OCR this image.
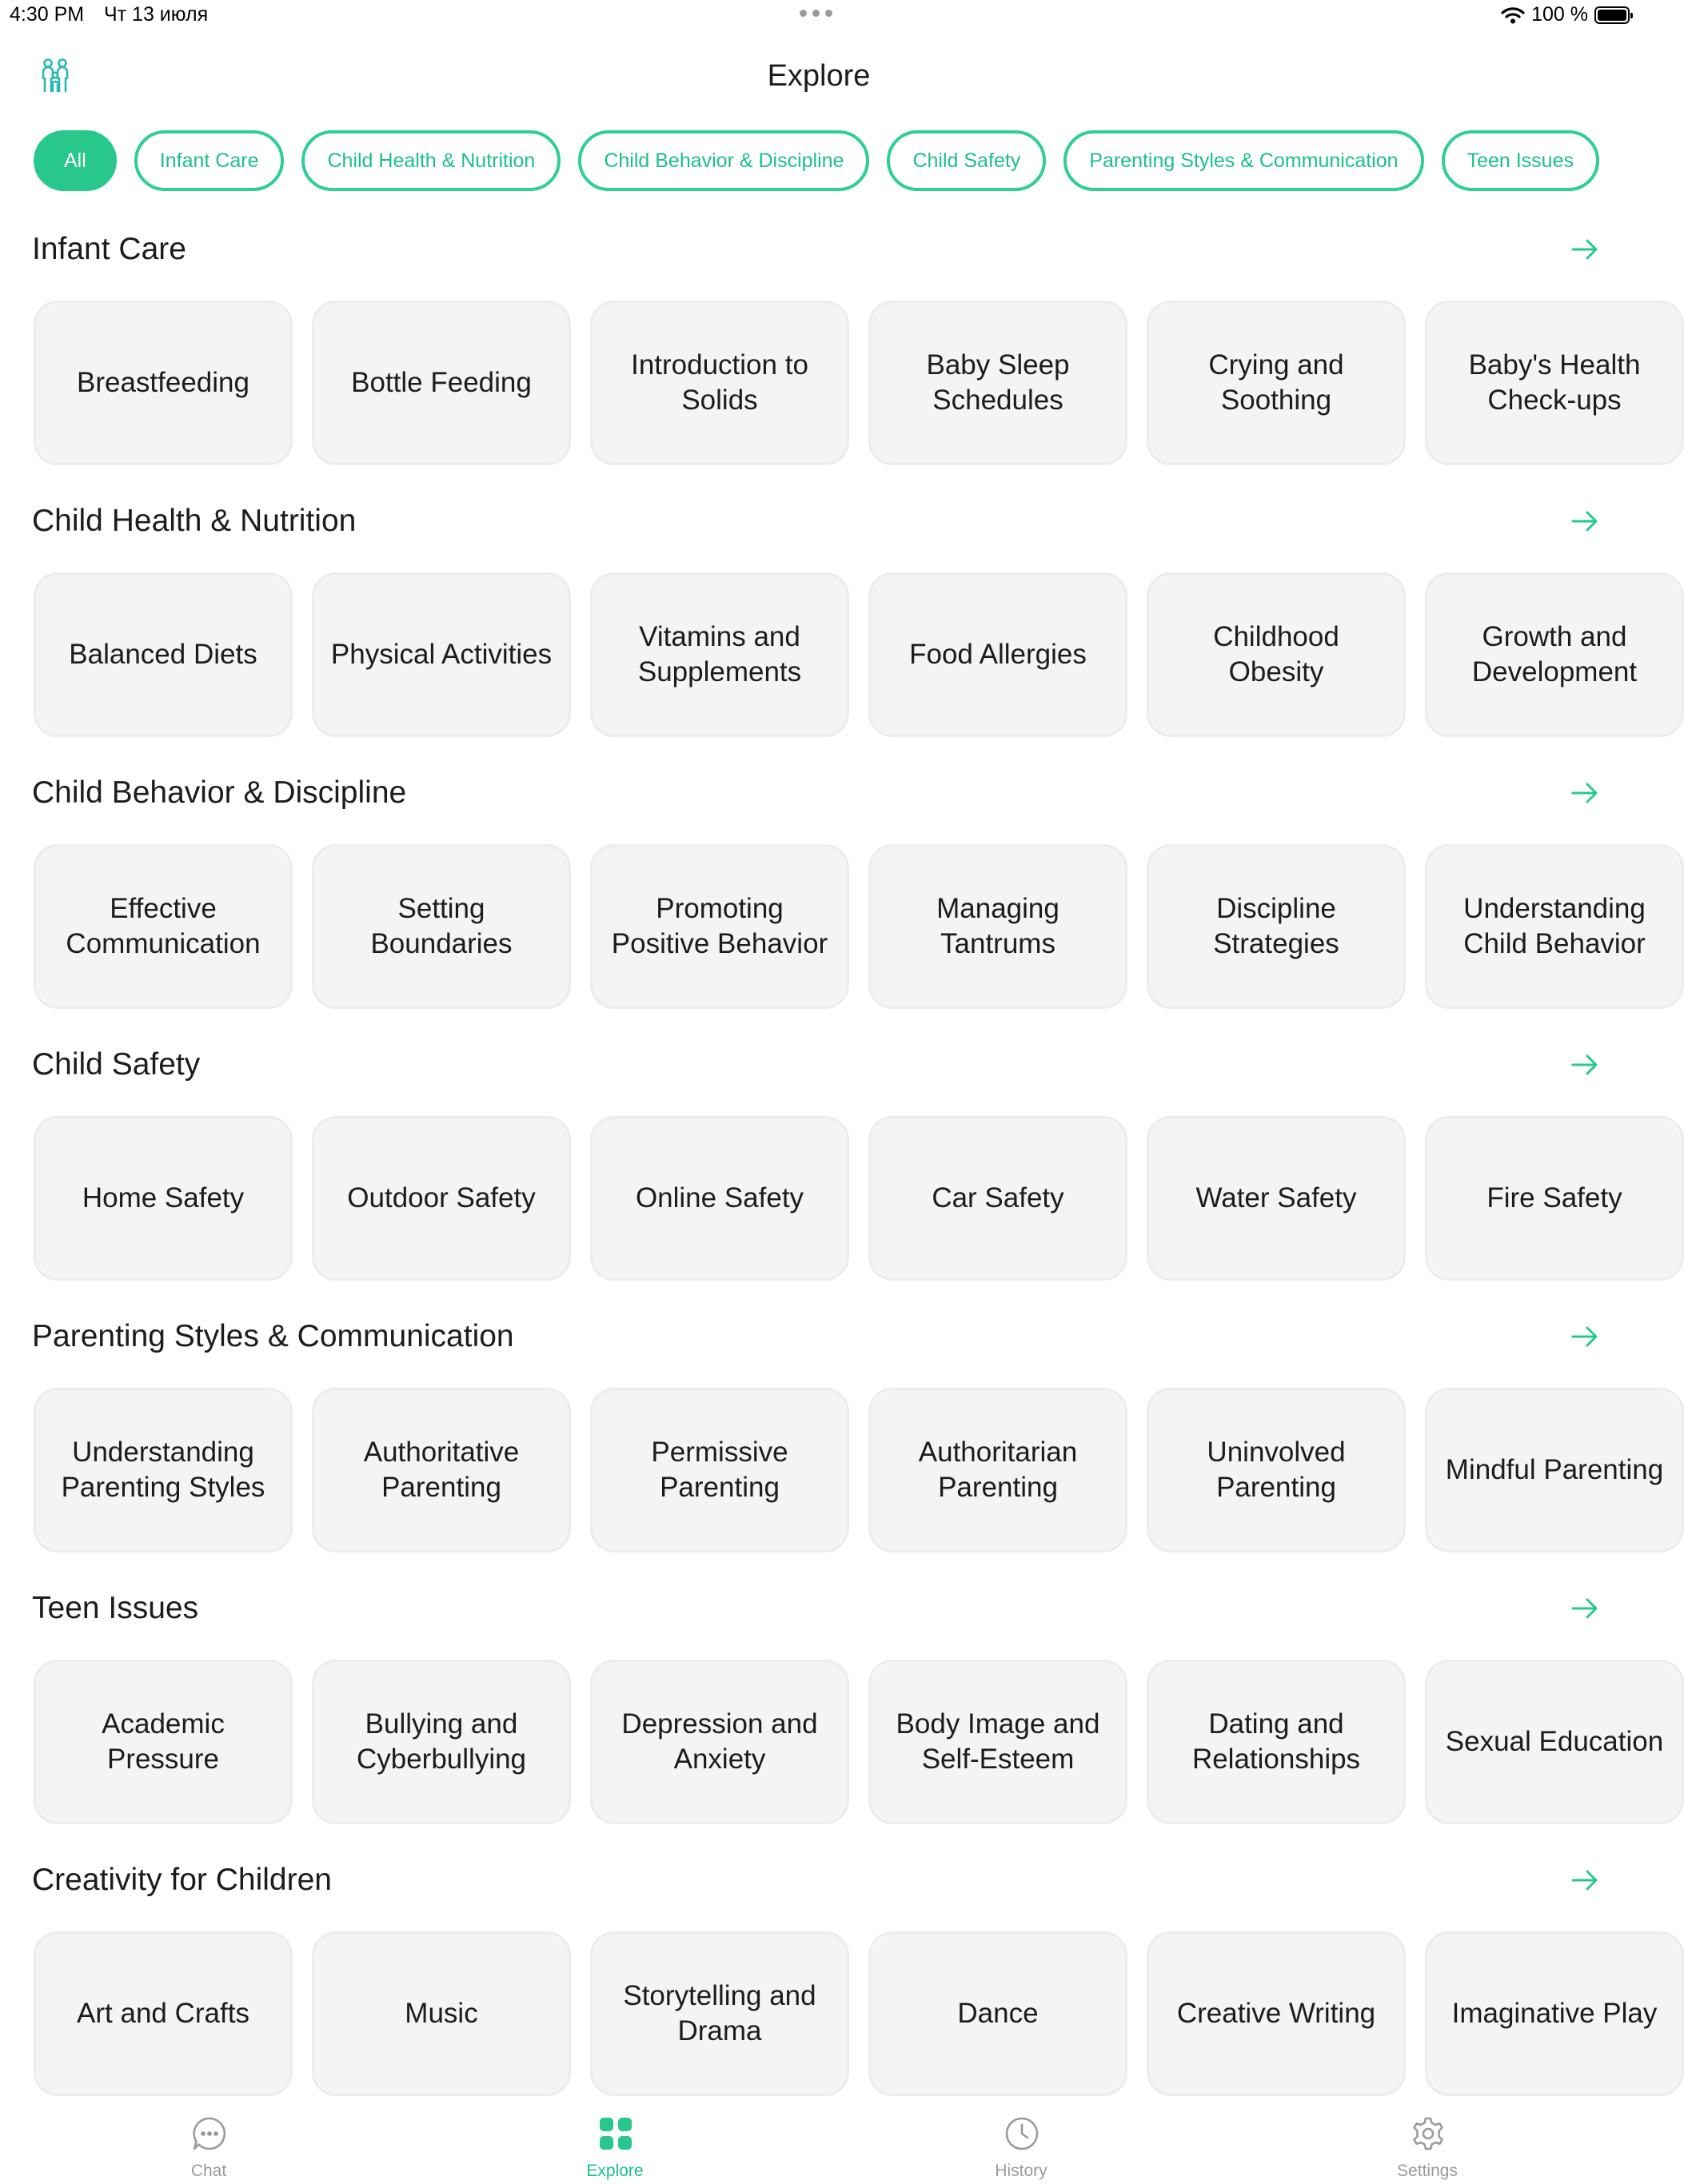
4:30 PM Чт 13 июля	100 %
Explore
All	Infant Care	Child Health & Nutrition	Child Behavior & Discipline	Child Safety	Parenting Styles & Communication	Teen Issues
Infant Care
Breastfeeding	Bottle Feeding
Introduction to Solids
Baby Sleep Schedules
Crying and Soothing
Baby's Health Check-ups
Child Health & Nutrition
Balanced Diets	Physical Activities
Vitamins and Supplements
Food Allergies
Childhood Obesity
Growth and Development
Child Behavior & Discipline
Effective Communication
Setting Boundaries
Promoting Positive Behavior
Managing Tantrums
Discipline Strategies
Understanding Child Behavior
Child Safety
Home Safety	Outdoor Safety	Online Safety	Car Safety	Water Safety	Fire Safety
Parenting Styles & Communication
Understanding Parenting Styles
Authoritative Parenting
Permissive Parenting
Authoritarian Parenting
Uninvolved Parenting
Mindful Parenting
Teen Issues
Academic Pressure
Bullying and Cyberbullying
Depression and Anxiety
Body Image and Self-Esteem
Dating and Relationships
Sexual Education
Creativity for Children
Art and Crafts	Music
Storytelling and Drama
Dance	Creative Writing	Imaginative Play
Chat	Explore	History	Settings
